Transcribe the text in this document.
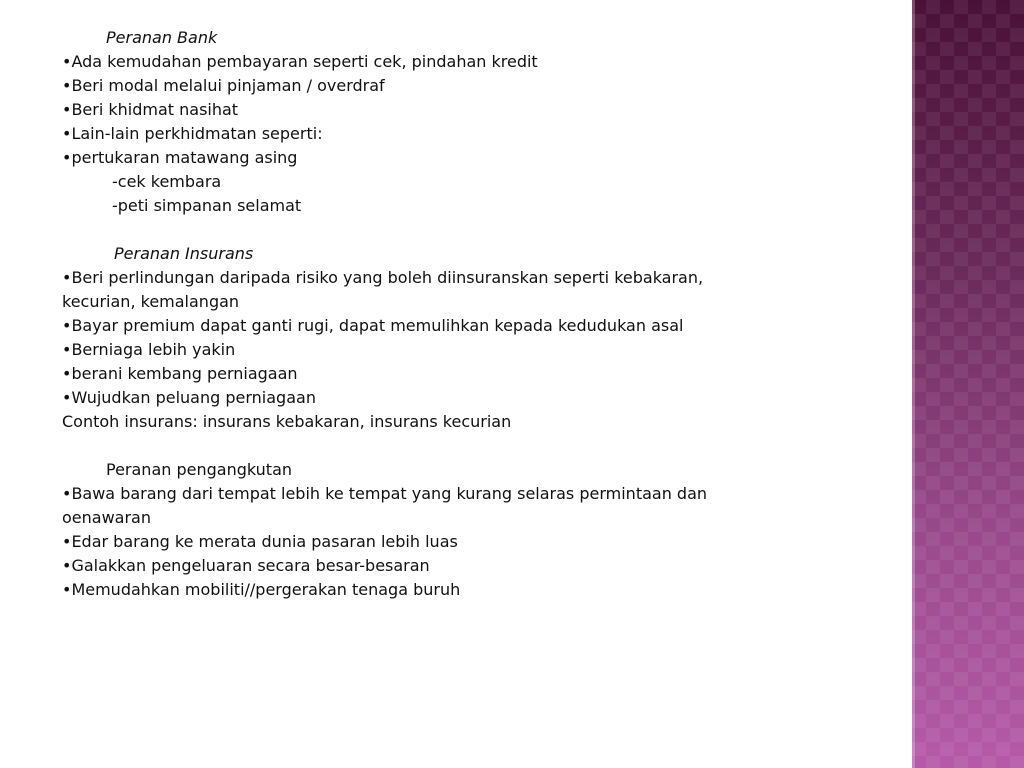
Peranan Bank
•Ada kemudahan pembayaran seperti cek, pindahan kredit
•Beri modal melalui pinjaman / overdraf
•Beri khidmat nasihat
•Lain-lain perkhidmatan seperti:
•pertukaran matawang asing
-cek kembara
-peti simpanan selamat
Peranan Insurans
•Beri perlindungan daripada risiko yang boleh diinsuranskan seperti kebakaran,
kecurian, kemalangan
•Bayar premium dapat ganti rugi, dapat memulihkan kepada kedudukan asal
•Berniaga lebih yakin
•berani kembang perniagaan
•Wujudkan peluang perniagaan
Contoh insurans: insurans kebakaran, insurans kecurian
Peranan pengangkutan
•Bawa barang dari tempat lebih ke tempat yang kurang selaras permintaan dan
oenawaran
•Edar barang ke merata dunia pasaran lebih luas
•Galakkan pengeluaran secara besar-besaran
•Memudahkan mobiliti//pergerakan tenaga buruh
